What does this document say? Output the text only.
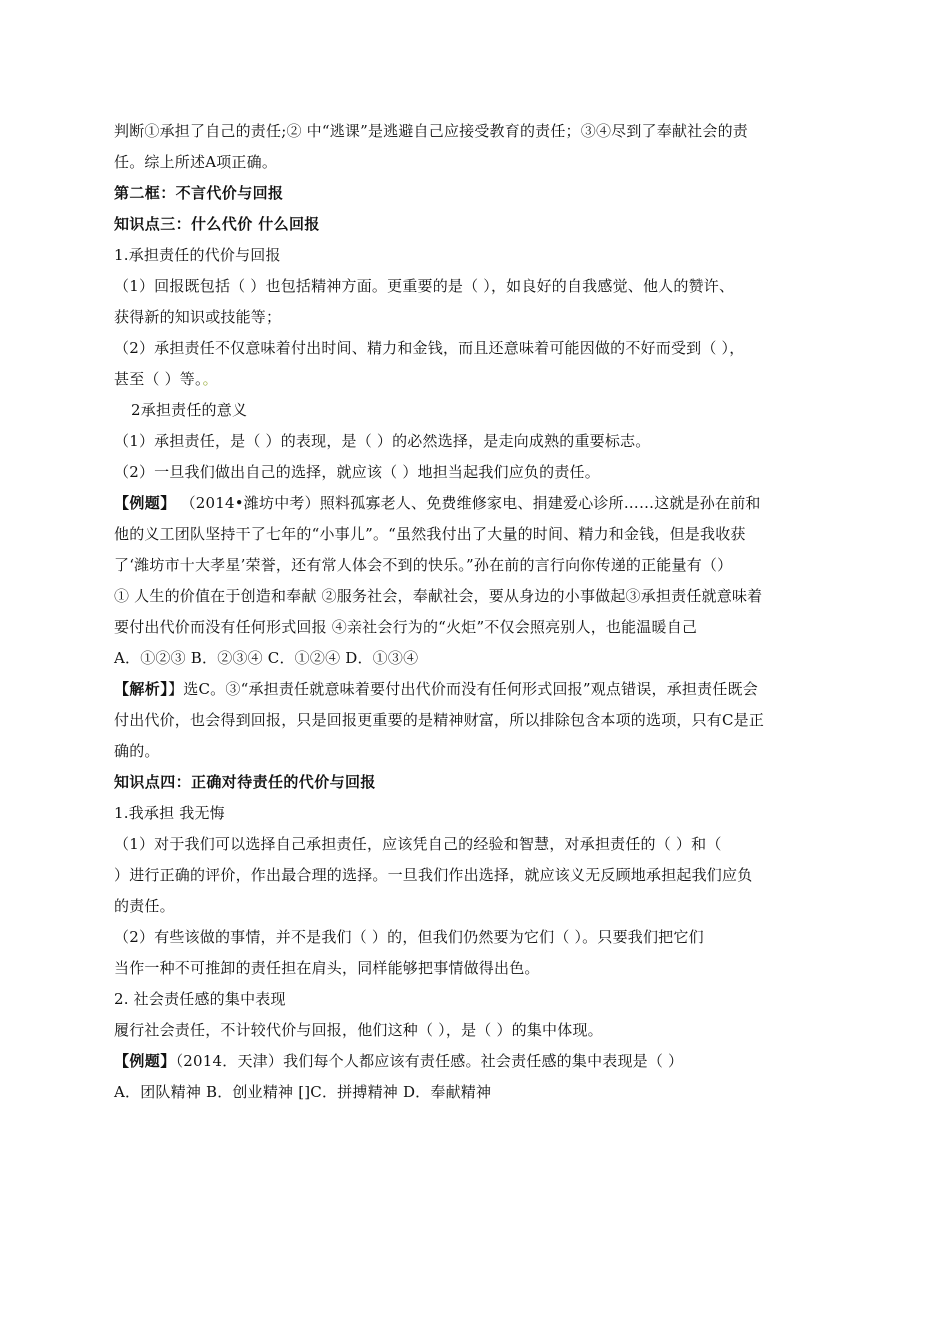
判断①承担了自己的责任;② 中“逃课”是逃避自己应接受教育的责任；③④尽到了奉献社会的责
任。综上所述A项正确。
第二框：不言代价与回报
知识点三：什么代价 什么回报
1.承担责任的代价与回报
（1）回报既包括（ ）也包括精神方面。更重要的是（ ），如良好的自我感觉、他人的赞许、
获得新的知识或技能等；
（2）承担责任不仅意味着付出时间、精力和金钱，而且还意味着可能因做的不好而受到（ ），
甚至（ ）等。。
2承担责任的意义
（1）承担责任，是（ ）的表现，是（ ）的必然选择，是走向成熟的重要标志。
（2）一旦我们做出自己的选择，就应该（ ）地担当起我们应负的责任。
【例题】 （2014•潍坊中考）照料孤寡老人、免费维修家电、捐建爱心诊所……这就是孙在前和
他的义工团队坚持干了七年的“小事儿”。“虽然我付出了大量的时间、精力和金钱，但是我收获
了‘潍坊市十大孝星’荣誉，还有常人体会不到的快乐。”孙在前的言行向你传递的正能量有（）
① 人生的价值在于创造和奉献 ②服务社会，奉献社会，要从身边的小事做起③承担责任就意味着
要付出代价而没有任何形式回报 ④亲社会行为的“火炬”不仅会照亮别人，也能温暖自己
A．①②③ B．②③④ C．①②④ D．①③④
【解析】】选C。③“承担责任就意味着要付出代价而没有任何形式回报”观点错误，承担责任既会
付出代价，也会得到回报，只是回报更重要的是精神财富，所以排除包含本项的选项，只有C是正
确的。
知识点四：正确对待责任的代价与回报
1.我承担 我无悔
（1）对于我们可以选择自己承担责任，应该凭自己的经验和智慧，对承担责任的（ ）和（
）进行正确的评价，作出最合理的选择。一旦我们作出选择，就应该义无反顾地承担起我们应负
的责任。
（2）有些该做的事情，并不是我们（ ）的，但我们仍然要为它们（ ）。只要我们把它们
当作一种不可推卸的责任担在肩头，同样能够把事情做得出色。
2. 社会责任感的集中表现
履行社会责任，不计较代价与回报，他们这种（ ），是（ ）的集中体现。
【例题】（2014．天津）我们每个人都应该有责任感。社会责任感的集中表现是（ ）
A．团队精神 B．创业精神 []C．拼搏精神 D．奉献精神
